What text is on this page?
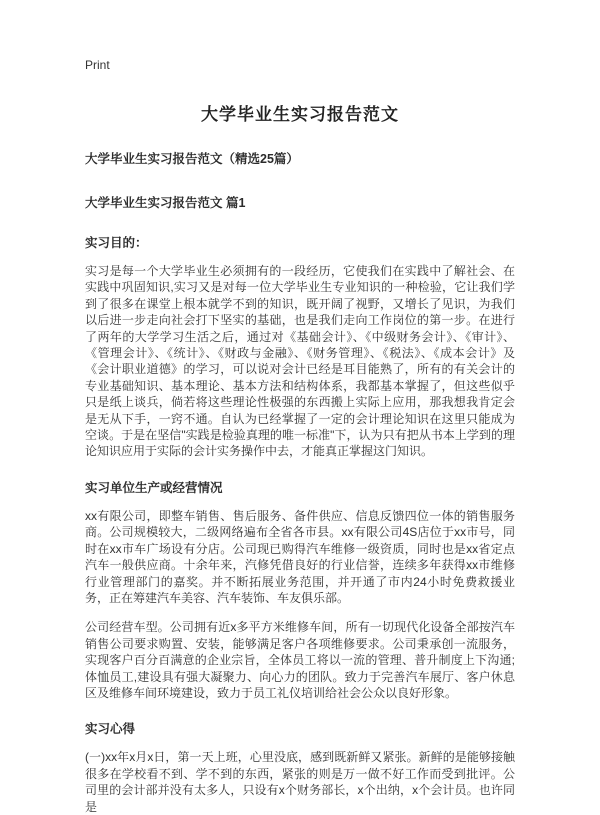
Print
大学毕业生实习报告范文
大学毕业生实习报告范文（精选25篇）
大学毕业生实习报告范文 篇1
实习目的：

实习是每一个大学毕业生必须拥有的一段经历，它使我们在实践中了解社会、在实践中巩固知识,实习又是对每一位大学毕业生专业知识的一种检验，它让我们学到了很多在课堂上根本就学不到的知识，既开阔了视野，又增长了见识，为我们以后进一步走向社会打下坚实的基础，也是我们走向工作岗位的第一步。在进行了两年的大学学习生活之后，通过对《基础会计》、《中级财务会计》、《审计》、《管理会计》、《统计》、《财政与金融》、《财务管理》、《税法》、《成本会计》及《会计职业道德》的学习，可以说对会计已经是耳目能熟了，所有的有关会计的专业基础知识、基本理论、基本方法和结构体系，我都基本掌握了，但这些似乎只是纸上谈兵，倘若将这些理论性极强的东西搬上实际上应用，那我想我肯定会是无从下手，一窍不通。自认为已经掌握了一定的会计理论知识在这里只能成为空谈。于是在坚信"实践是检验真理的唯一标准"下，认为只有把从书本上学到的理论知识应用于实际的会计实务操作中去，才能真正掌握这门知识。

实习单位生产或经营情况

xx有限公司，即整车销售、售后服务、备件供应、信息反馈四位一体的销售服务商。公司规模较大，二级网络遍布全省各市县。xx有限公司4S店位于xx市号，同时在xx市车广场设有分店。公司现已购得汽车维修一级资质，同时也是xx省定点汽车一般供应商。十余年来，汽修凭借良好的行业信誉，连续多年获得xx市维修行业管理部门的嘉奖。并不断拓展业务范围，并开通了市内24小时免费救援业务，正在筹建汽车美容、汽车装饰、车友俱乐部。

公司经营车型。公司拥有近x多平方米维修车间，所有一切现代化设备全部按汽车销售公司要求购置、安装，能够满足客户各项维修要求。公司秉承创一流服务，实现客户百分百满意的企业宗旨，全体员工将以一流的管理、普升制度上下沟通;体恤员工,建设具有强大凝聚力、向心力的团队。致力于完善汽车展厅、客户休息区及维修车间环境建设，致力于员工礼仪培训给社会公众以良好形象。

实习心得

(一)xx年x月x日，第一天上班，心里没底，感到既新鲜又紧张。新鲜的是能够接触很多在学校看不到、学不到的东西，紧张的则是万一做不好工作而受到批评。公司里的会计部并没有太多人，只设有x个财务部长，x个出纳，x个会计员。也许同是
